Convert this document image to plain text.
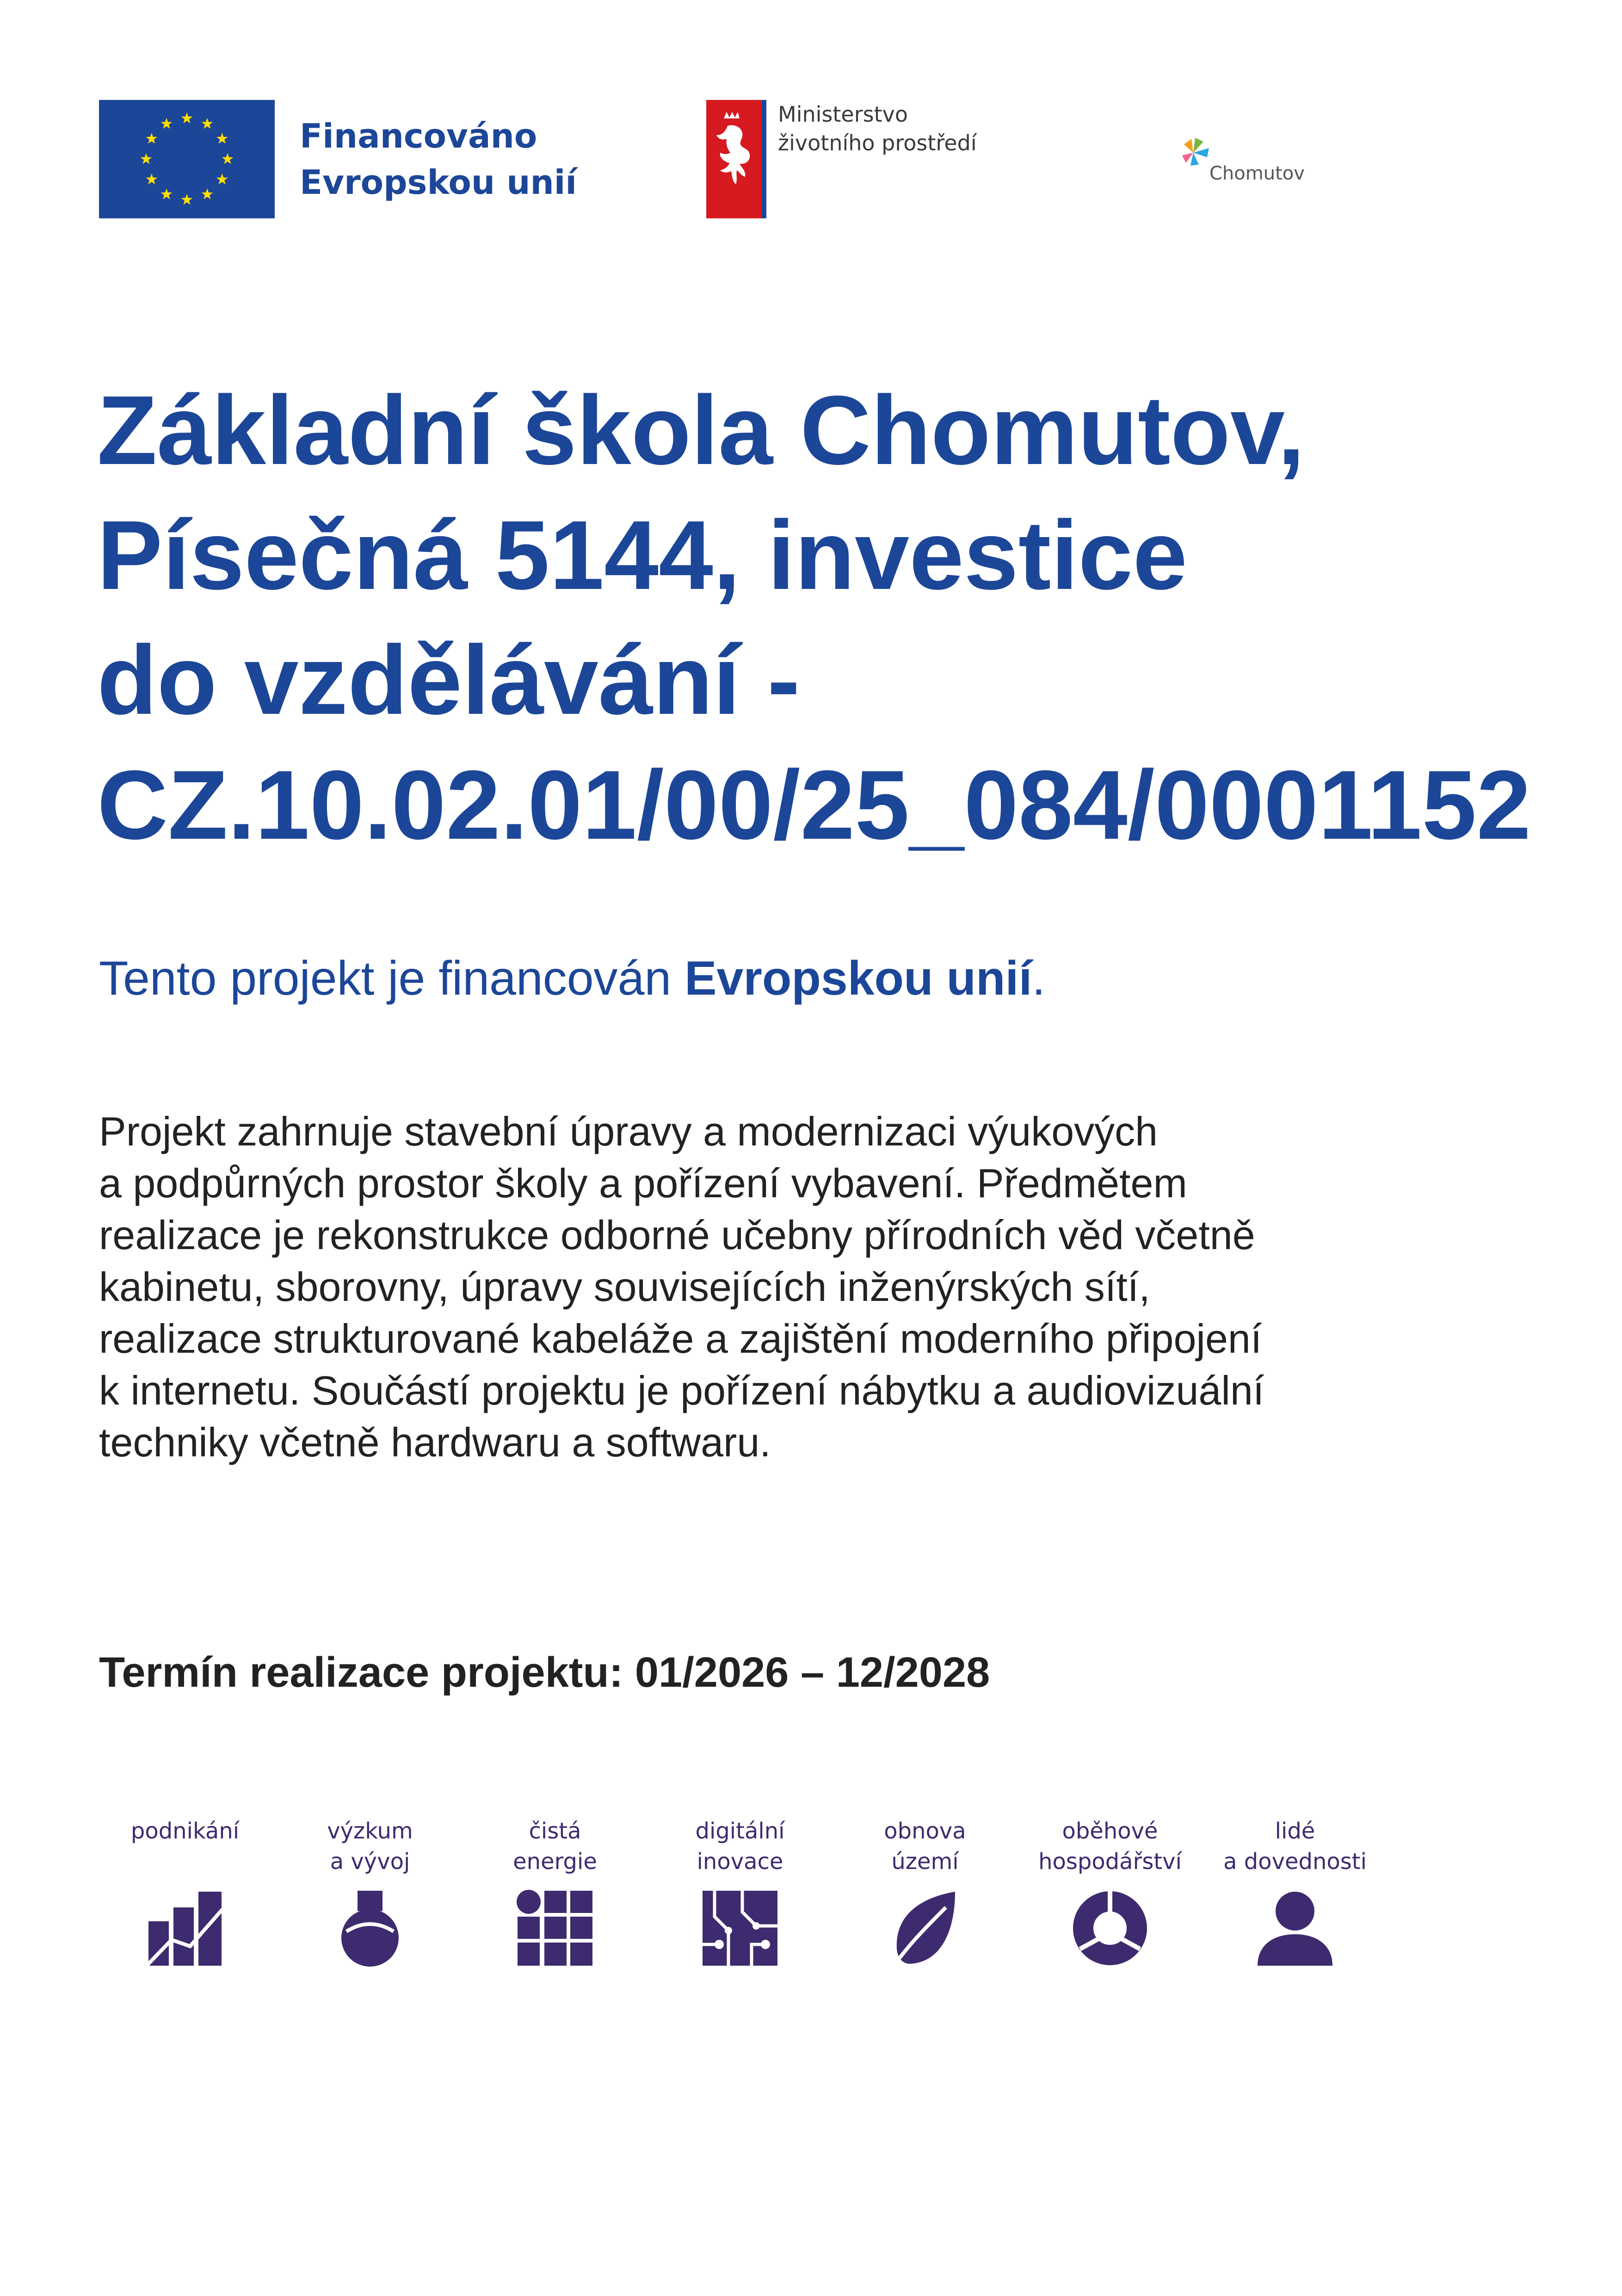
Financováno
Evropskou unií
Ministerstvo
životního prostředí
Chomutov
Základní škola Chomutov,
Písečná 5144, investice
do vzdělávání -
CZ.10.02.01/00/25_084/0001152
Tento projekt je financován Evropskou unií.
Projekt zahrnuje stavební úpravy a modernizaci výukových
a podpůrných prostor školy a pořízení vybavení. Předmětem
realizace je rekonstrukce odborné učebny přírodních věd včetně
kabinetu, sborovny, úpravy souvisejících inženýrských sítí,
realizace strukturované kabeláže a zajištění moderního připojení
k internetu. Součástí projektu je pořízení nábytku a audiovizuální
techniky včetně hardwaru a softwaru.
Termín realizace projektu: 01/2026 – 12/2028
podnikání	výzkum
a vývoj
čistá
energie
digitální
inovace
obnova
území
oběhové
hospodářství
lidé
a dovednosti
